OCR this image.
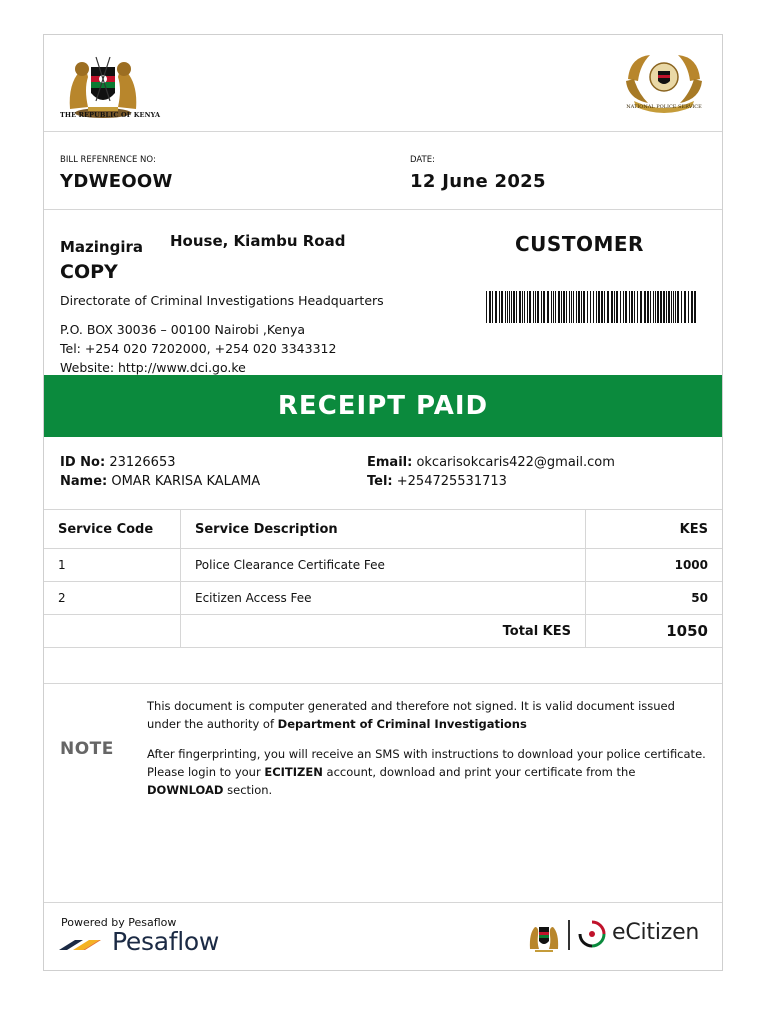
THE REPUBLIC OF KENYA
NATIONAL POLICE SERVICE
BILL REFENRENCE NO:
YDWEOOW
DATE:
12 June 2025
Mazingira House, Kiambu Road
COPY
CUSTOMER
Directorate of Criminal Investigations Headquarters
P.O. BOX 30036 – 00100 Nairobi ,Kenya
Tel: +254 020 7202000, +254 020 3343312
Website: http://www.dci.go.ke
RECEIPT PAID
ID No: 23126653
Name: OMAR KARISA KALAMA
Email: okcarisokcaris422@gmail.com
Tel: +254725531713
Service Code	Service Description	KES
1	Police Clearance Certificate Fee	1000
2	Ecitizen Access Fee	50
	Total KES	1050
NOTE
This document is computer generated and therefore not signed. It is valid document issued under the authority of Department of Criminal Investigations
After fingerprinting, you will receive an SMS with instructions to download your police certificate. Please login to your ECITIZEN account, download and print your certificate from the DOWNLOAD section.
Powered by Pesaflow
Pesaflow	eCitizen
